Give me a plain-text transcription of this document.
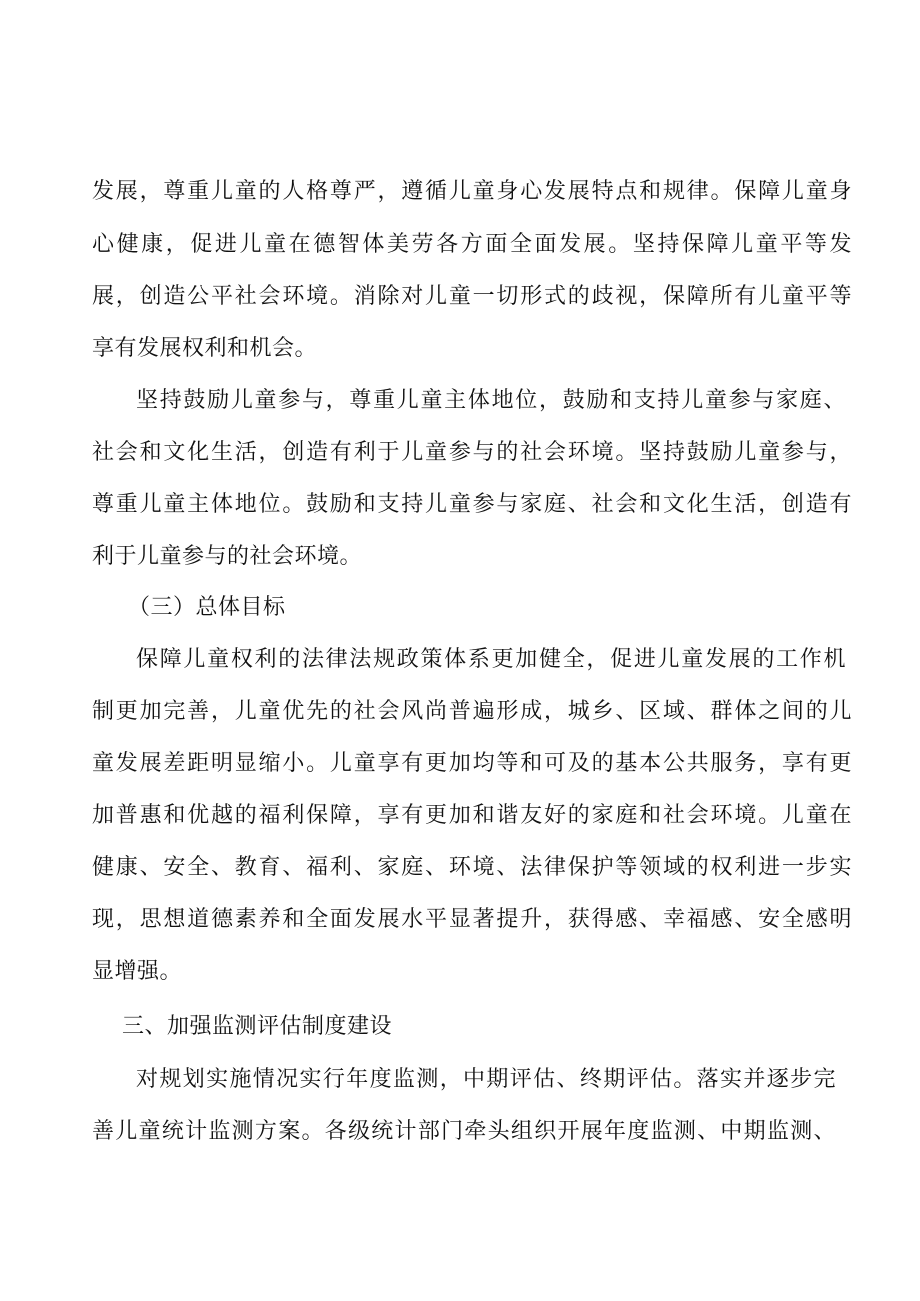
发展，尊重儿童的人格尊严，遵循儿童身心发展特点和规律。保障儿童身
心健康，促进儿童在德智体美劳各方面全面发展。坚持保障儿童平等发
展，创造公平社会环境。消除对儿童一切形式的歧视，保障所有儿童平等
享有发展权利和机会。
坚持鼓励儿童参与，尊重儿童主体地位，鼓励和支持儿童参与家庭、
社会和文化生活，创造有利于儿童参与的社会环境。坚持鼓励儿童参与，
尊重儿童主体地位。鼓励和支持儿童参与家庭、社会和文化生活，创造有
利于儿童参与的社会环境。
（三）总体目标
保障儿童权利的法律法规政策体系更加健全，促进儿童发展的工作机
制更加完善，儿童优先的社会风尚普遍形成，城乡、区域、群体之间的儿
童发展差距明显缩小。儿童享有更加均等和可及的基本公共服务，享有更
加普惠和优越的福利保障，享有更加和谐友好的家庭和社会环境。儿童在
健康、安全、教育、福利、家庭、环境、法律保护等领域的权利进一步实
现，思想道德素养和全面发展水平显著提升，获得感、幸福感、安全感明
显增强。
三、加强监测评估制度建设
对规划实施情况实行年度监测，中期评估、终期评估。落实并逐步完
善儿童统计监测方案。各级统计部门牵头组织开展年度监测、中期监测、
